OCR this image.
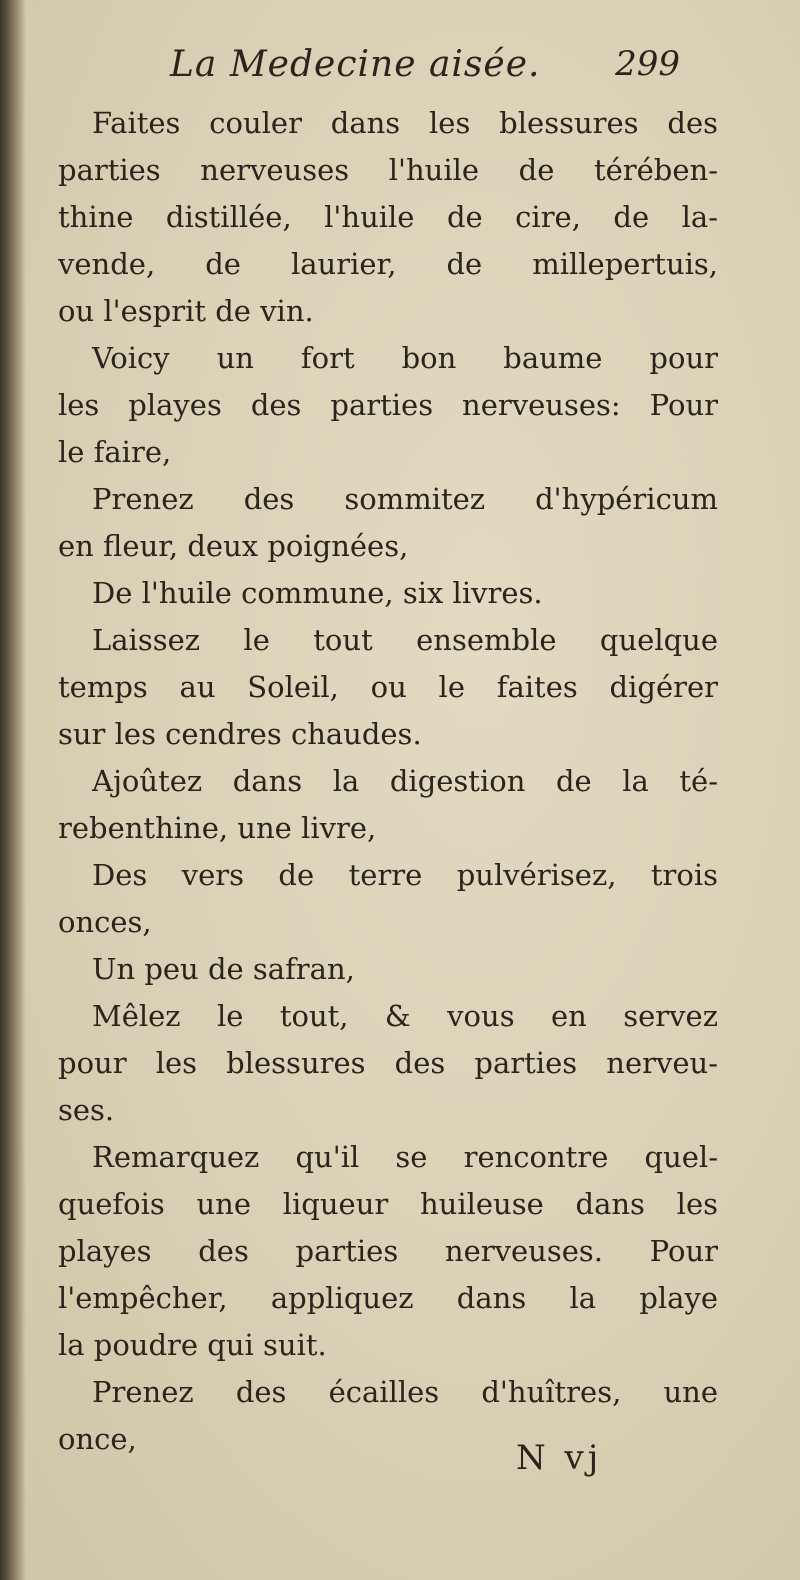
La Medecine aisée. 299
Faites couler dans les blessures des
parties nerveuses l'huile de térében-
thine distillée, l'huile de cire, de la-
vende, de laurier, de millepertuis,
ou l'esprit de vin.
Voicy un fort bon baume pour
les playes des parties nerveuses: Pour
le faire,
Prenez des sommitez d'hypéricum
en fleur, deux poignées,
De l'huile commune, six livres.
Laissez le tout ensemble quelque
temps au Soleil, ou le faites digérer
sur les cendres chaudes.
Ajoûtez dans la digestion de la té-
rebenthine, une livre,
Des vers de terre pulvérisez, trois
onces,
Un peu de safran,
Mêlez le tout, & vous en servez
pour les blessures des parties nerveu-
ses.
Remarquez qu'il se rencontre quel-
quefois une liqueur huileuse dans les
playes des parties nerveuses. Pour
l'empêcher, appliquez dans la playe
la poudre qui suit.
Prenez des écailles d'huîtres, une
once,	N vj
